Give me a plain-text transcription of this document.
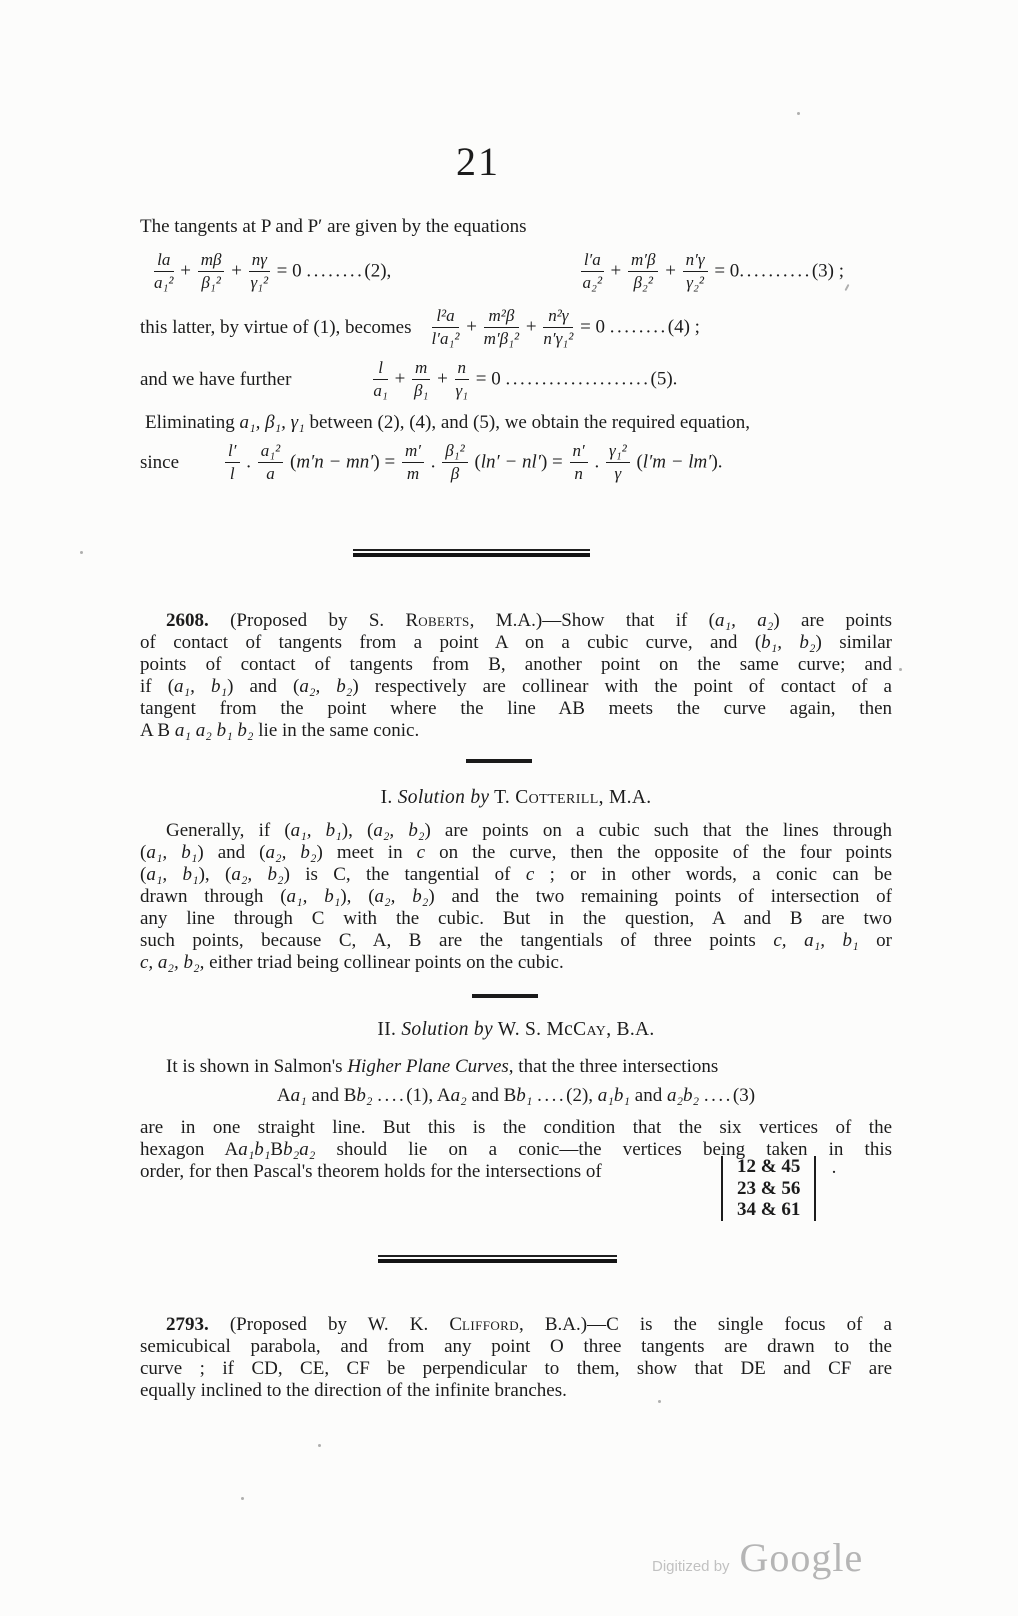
21
The tangents at P and P′ are given by the equations
$\frac{la}{\text{a₁²}} + \frac{m\beta}{\text{β₁²}} + \frac{n\gamma}{\text{γ₁²}} = 0$ ........(2),	$\frac{l'a}{\text{a₂²}} + \frac{m'\beta}{\text{β₂²}} + \frac{n'\gamma}{\text{γ₂²}} = 0..........(3)$ ;
this latter, by virtue of (1), becomes $\frac{\text{l²a}}{\text{l′a₁²}} + \frac{\text{m²β}}{\text{m′β₁²}} + \frac{\text{n²γ}}{\text{n′γ₁²}} = 0$ ........(4) ;
and we have further	$\frac{l}{\text{a₁}} + \frac{m}{\text{β₁}} + \frac{n}{\text{γ₁}} = 0$ ....................(5).
Eliminating a₁, β₁, γ₁ between (2), (4), and (5), we obtain the required equation,
since	$\frac{l'}{l}$ . $\frac{\text{a₁²}}{a} (m'n - mn') = \frac{m'}{m}$ . $\frac{\text{β₁²}}{\beta} (\ln' - nl') = \frac{n'}{n}$ . $\frac{\text{γ₁²}}{\gamma} (l'm - lm')$.
2608. (Proposed by S. Roberts, M.A.)—Show that if (a₁, a₂) are points
of contact of tangents from a point A on a cubic curve, and (b₁, b₂) similar
points of contact of tangents from B, another point on the same curve; and
if (a₁, b₁) and (a₂, b₂) respectively are collinear with the point of contact of a
tangent from the point where the line AB meets the curve again, then
A B a₁ a₂ b₁ b₂ lie in the same conic.
I. Solution by T. Cotterill, M.A.
Generally, if (a₁, b₁), (a₂, b₂) are points on a cubic such that the lines through
(a₁, b₁) and (a₂, b₂) meet in c on the curve, then the opposite of the four points
(a₁, b₁), (a₂, b₂) is C, the tangential of c ; or in other words, a conic can be
drawn through (a₁, b₁), (a₂, b₂) and the two remaining points of intersection of
any line through C with the cubic. But in the question, A and B are two
such points, because C, A, B are the tangentials of three points c, a₁, b₁ or
c, a₂, b₂, either triad being collinear points on the cubic.
II. Solution by W. S. McCay, B.A.
It is shown in Salmon's Higher Plane Curves, that the three intersections
Aa₁ and Bb₂ ....(1), Aa₂ and Bb₁ ....(2), a₁b₁ and a₂b₂ ....(3)
are in one straight line. But this is the condition that the six vertices of the
hexagon Aa₁b₁Bb₂a₂ should lie on a conic—the vertices being taken in this
order, for then Pascal's theorem holds for the intersections of	12 & 45
23 & 56
34 & 61
.
2793. (Proposed by W. K. Clifford, B.A.)—C is the single focus of a
semicubical parabola, and from any point O three tangents are drawn to the
curve ; if CD, CE, CF be perpendicular to them, show that DE and CF are
equally inclined to the direction of the infinite branches.
Digitized by Google
